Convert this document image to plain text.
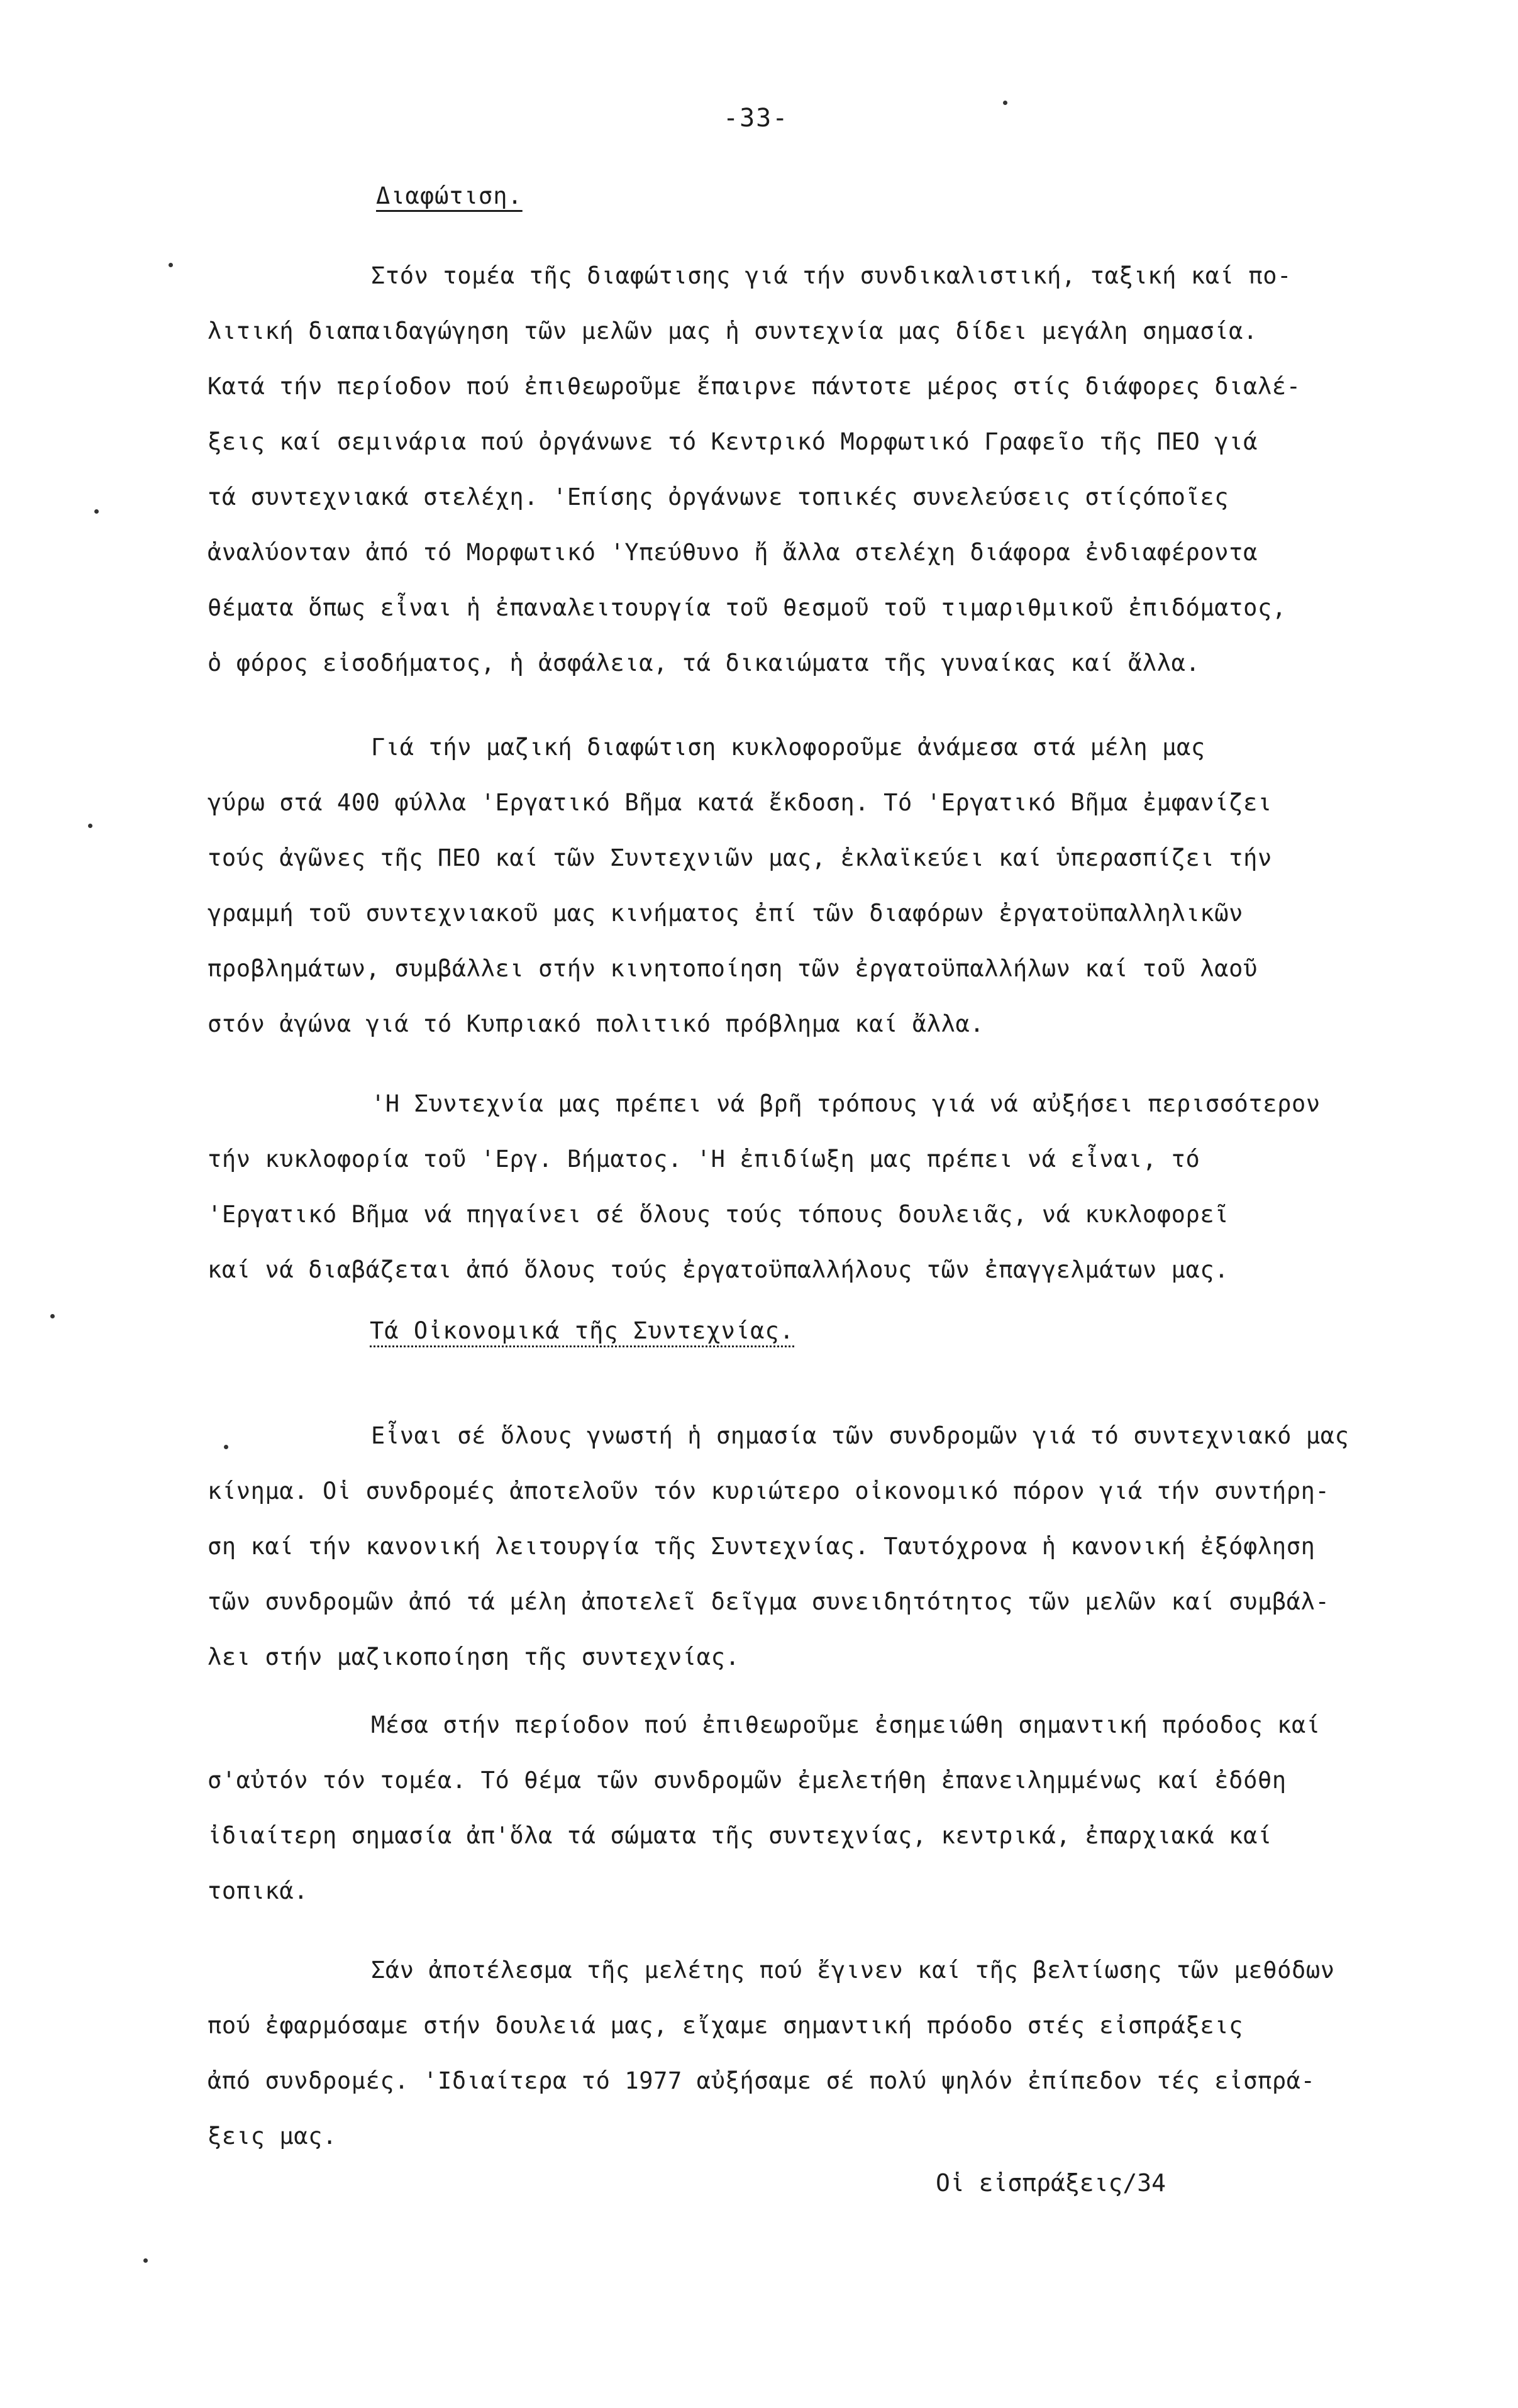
-33-
Διαφώτιση.
Στόν τομέα τῆς διαφώτισης γιά τήν συνδικαλιστική, ταξική καί πο-
λιτική διαπαιδαγώγηση τῶν μελῶν μας ἡ συντεχνία μας δίδει μεγάλη σημασία.
Κατά τήν περίοδον πού ἐπιθεωροῦμε ἔπαιρνε πάντοτε μέρος στίς διάφορες διαλέ-
ξεις καί σεμινάρια πού ὀργάνωνε τό Κεντρικό Μορφωτικό Γραφεῖο τῆς ΠΕΟ γιά
τά συντεχνιακά στελέχη. 'Επίσης ὀργάνωνε τοπικές συνελεύσεις στίςόποῖες
ἀναλύονταν ἀπό τό Μορφωτικό 'Υπεύθυνο ἤ ἄλλα στελέχη διάφορα ἐνδιαφέροντα
θέματα ὅπως εἶναι ἡ ἐπαναλειτουργία τοῦ θεσμοῦ τοῦ τιμαριθμικοῦ ἐπιδόματος,
ὁ φόρος εἰσοδήματος, ἡ ἀσφάλεια, τά δικαιώματα τῆς γυναίκας καί ἄλλα.
Γιά τήν μαζική διαφώτιση κυκλοφοροῦμε ἀνάμεσα στά μέλη μας
γύρω στά 400 φύλλα 'Εργατικό Βῆμα κατά ἔκδοση. Τό 'Εργατικό Βῆμα ἐμφανίζει
τούς ἀγῶνες τῆς ΠΕΟ καί τῶν Συντεχνιῶν μας, ἐκλαϊκεύει καί ὑπερασπίζει τήν
γραμμή τοῦ συντεχνιακοῦ μας κινήματος ἐπί τῶν διαφόρων ἐργατοϋπαλληλικῶν
προβλημάτων, συμβάλλει στήν κινητοποίηση τῶν ἐργατοϋπαλλήλων καί τοῦ λαοῦ
στόν ἀγώνα γιά τό Κυπριακό πολιτικό πρόβλημα καί ἄλλα.
'Η Συντεχνία μας πρέπει νά βρῆ τρόπους γιά νά αὐξήσει περισσότερον
τήν κυκλοφορία τοῦ 'Εργ. Βήματος. 'Η ἐπιδίωξη μας πρέπει νά εἶναι, τό
'Εργατικό Βῆμα νά πηγαίνει σέ ὅλους τούς τόπους δουλειᾶς, νά κυκλοφορεῖ
καί νά διαβάζεται ἀπό ὅλους τούς ἐργατοϋπαλλήλους τῶν ἐπαγγελμάτων μας.
Τά Οἰκονομικά τῆς Συντεχνίας.
Εἶναι σέ ὅλους γνωστή ἡ σημασία τῶν συνδρομῶν γιά τό συντεχνιακό μας
κίνημα. Οἱ συνδρομές ἀποτελοῦν τόν κυριώτερο οἰκονομικό πόρον γιά τήν συντήρη-
ση καί τήν κανονική λειτουργία τῆς Συντεχνίας. Ταυτόχρονα ἡ κανονική ἐξόφληση
τῶν συνδρομῶν ἀπό τά μέλη ἀποτελεῖ δεῖγμα συνειδητότητος τῶν μελῶν καί συμβάλ-
λει στήν μαζικοποίηση τῆς συντεχνίας.
Μέσα στήν περίοδον πού ἐπιθεωροῦμε ἐσημειώθη σημαντική πρόοδος καί
σ'αὐτόν τόν τομέα. Τό θέμα τῶν συνδρομῶν ἐμελετήθη ἐπανειλημμένως καί ἐδόθη
ἰδιαίτερη σημασία ἀπ'ὅλα τά σώματα τῆς συντεχνίας, κεντρικά, ἐπαρχιακά καί
τοπικά.
Σάν ἀποτέλεσμα τῆς μελέτης πού ἔγινεν καί τῆς βελτίωσης τῶν μεθόδων
πού ἐφαρμόσαμε στήν δουλειά μας, εἴχαμε σημαντική πρόοδο στές εἰσπράξεις
ἀπό συνδρομές. 'Ιδιαίτερα τό 1977 αὐξήσαμε σέ πολύ ψηλόν ἐπίπεδον τές εἰσπρά-
ξεις μας.
Οἱ εἰσπράξεις/34
